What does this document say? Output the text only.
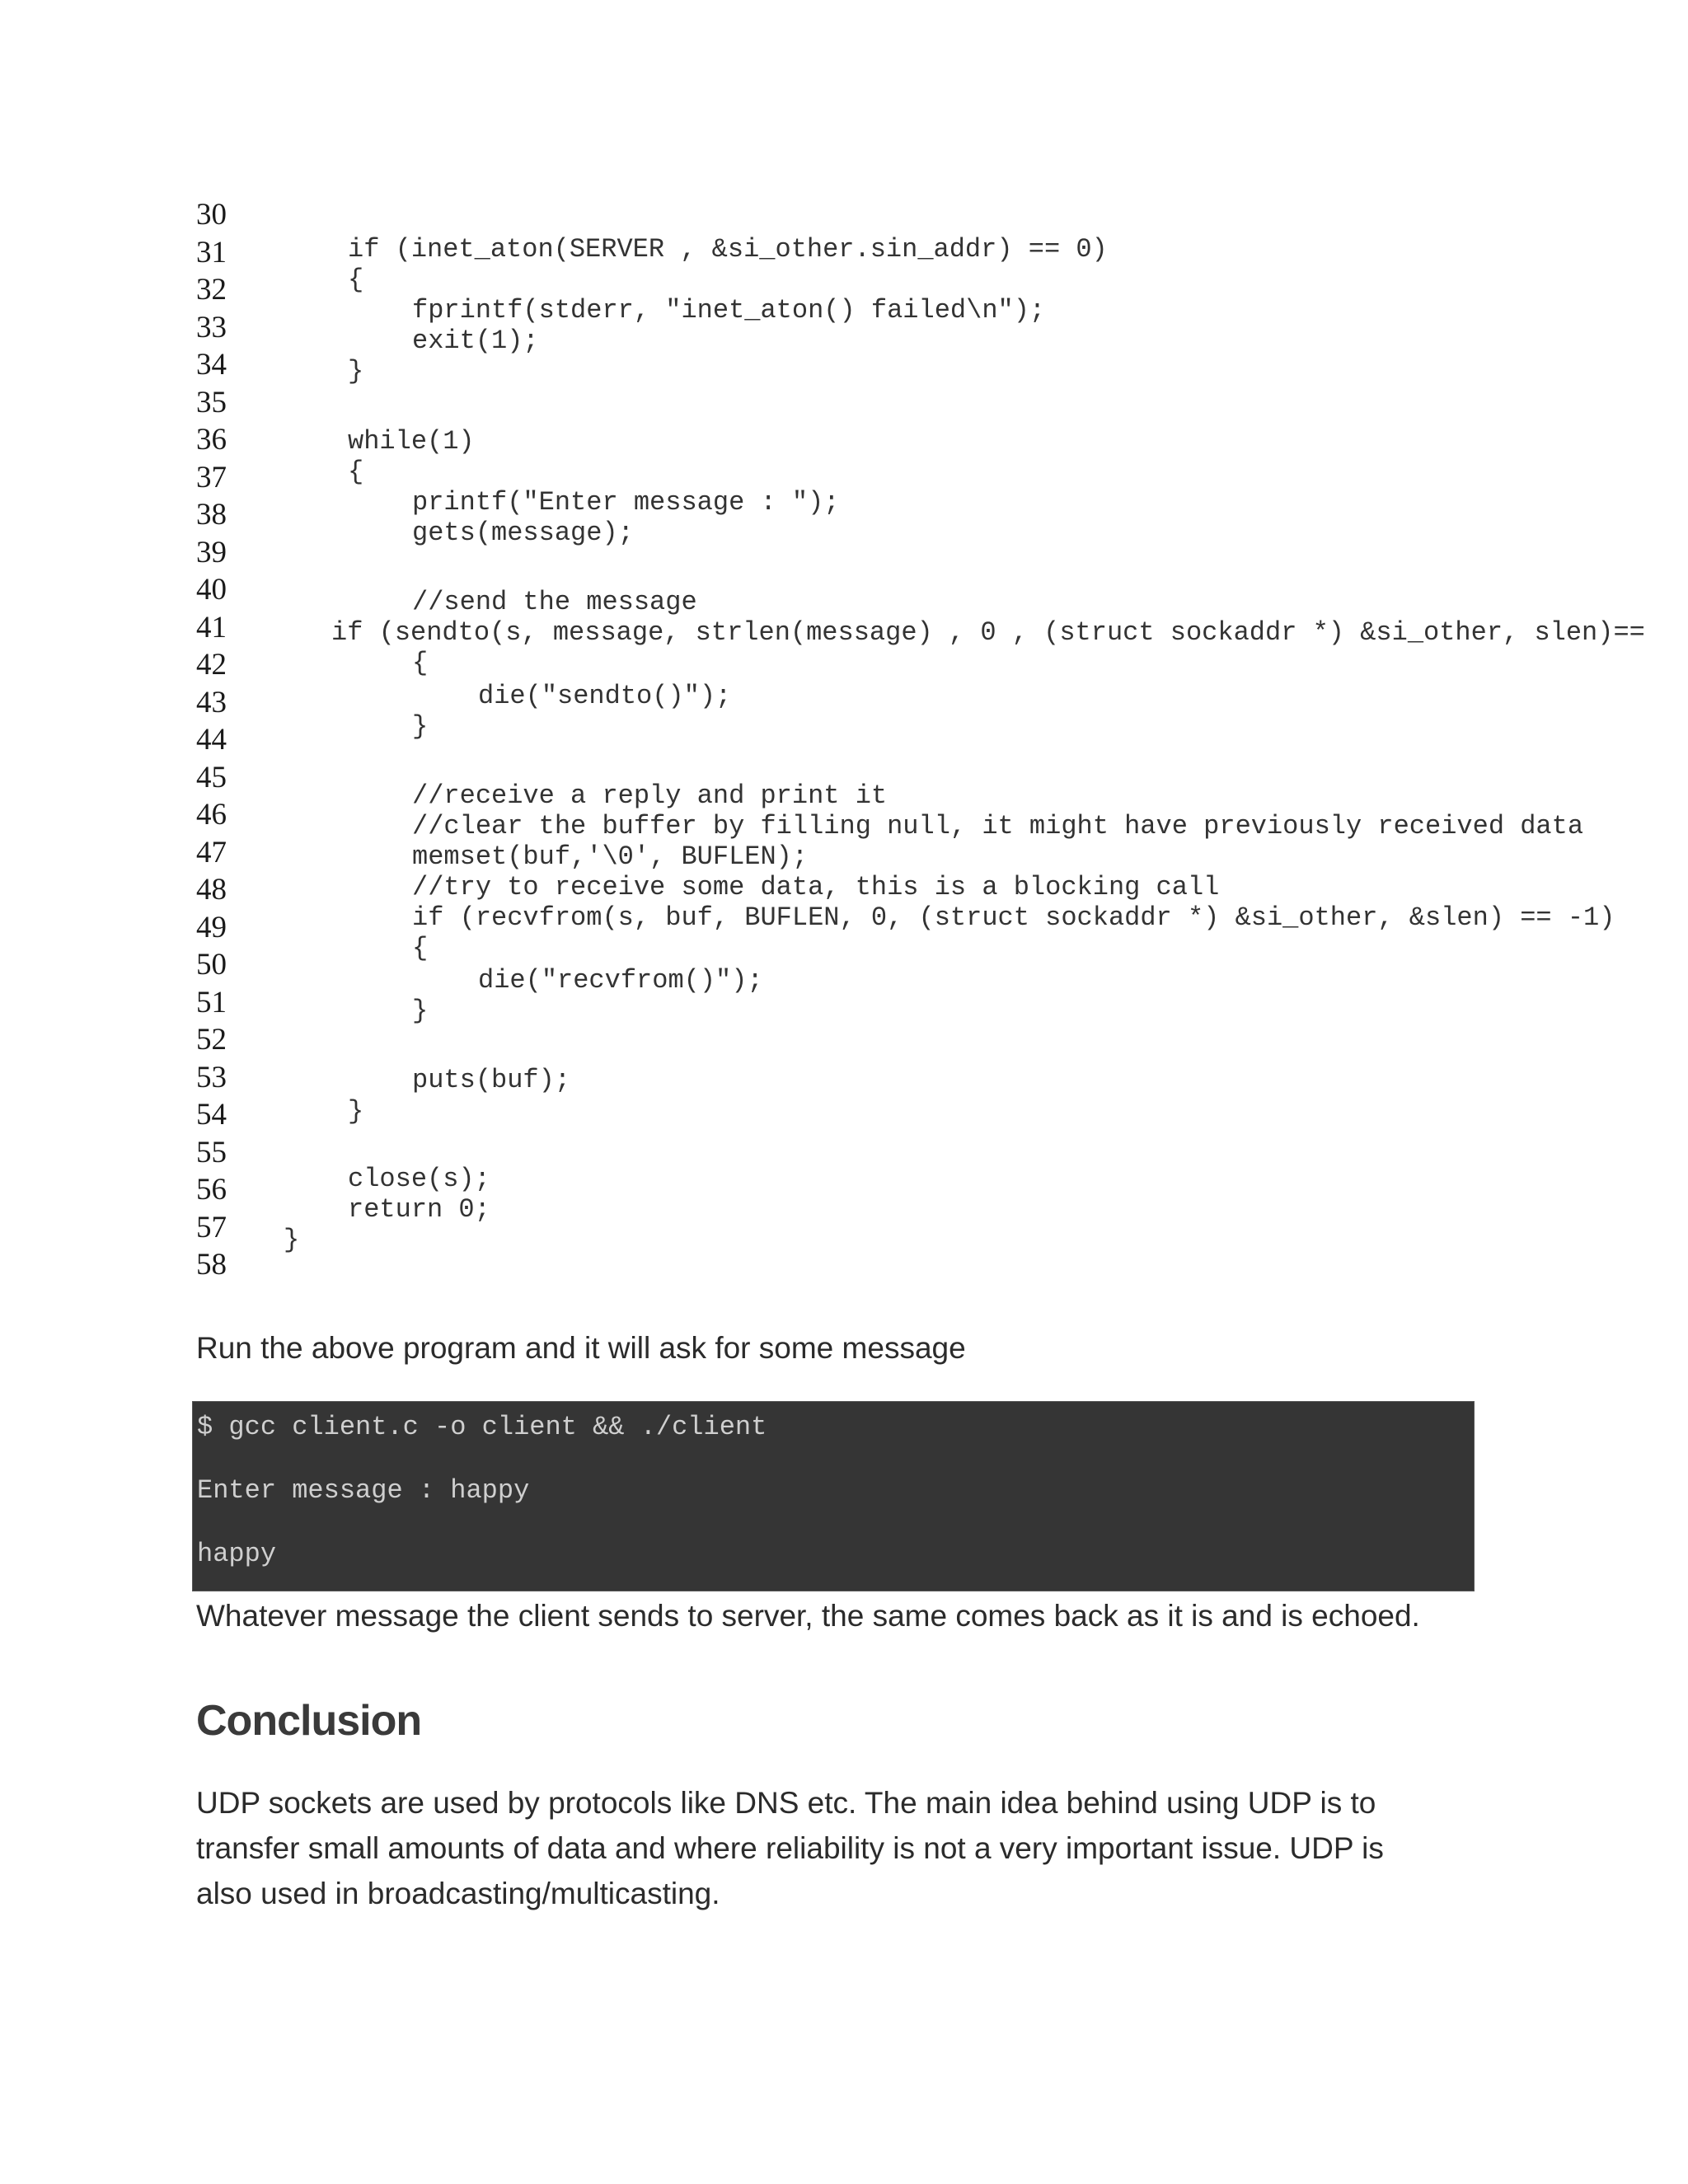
30
31
32
33
34
35
36
37
38
39
40
41
42
43
44
45
46
47
48
49
50
51
52
53
54
55
56
57
58
if (inet_aton(SERVER , &si_other.sin_addr) == 0)
{
fprintf(stderr, "inet_aton() failed\n");
exit(1);
}
while(1)
{
printf("Enter message : ");
gets(message);
//send the message
if (sendto(s, message, strlen(message) , 0 , (struct sockaddr *) &si_other, slen)==
{
die("sendto()");
}
//receive a reply and print it
//clear the buffer by filling null, it might have previously received data
memset(buf,'\0', BUFLEN);
//try to receive some data, this is a blocking call
if (recvfrom(s, buf, BUFLEN, 0, (struct sockaddr *) &si_other, &slen) == -1)
{
die("recvfrom()");
}
puts(buf);
}
close(s);
return 0;
}

Run the above program and it will ask for some message

$ gcc client.c -o client && ./client

Enter message : happy

happy

Whatever message the client sends to server, the same comes back as it is and is echoed.

Conclusion

UDP sockets are used by protocols like DNS etc. The main idea behind using UDP is to
transfer small amounts of data and where reliability is not a very important issue. UDP is
also used in broadcasting/multicasting.
